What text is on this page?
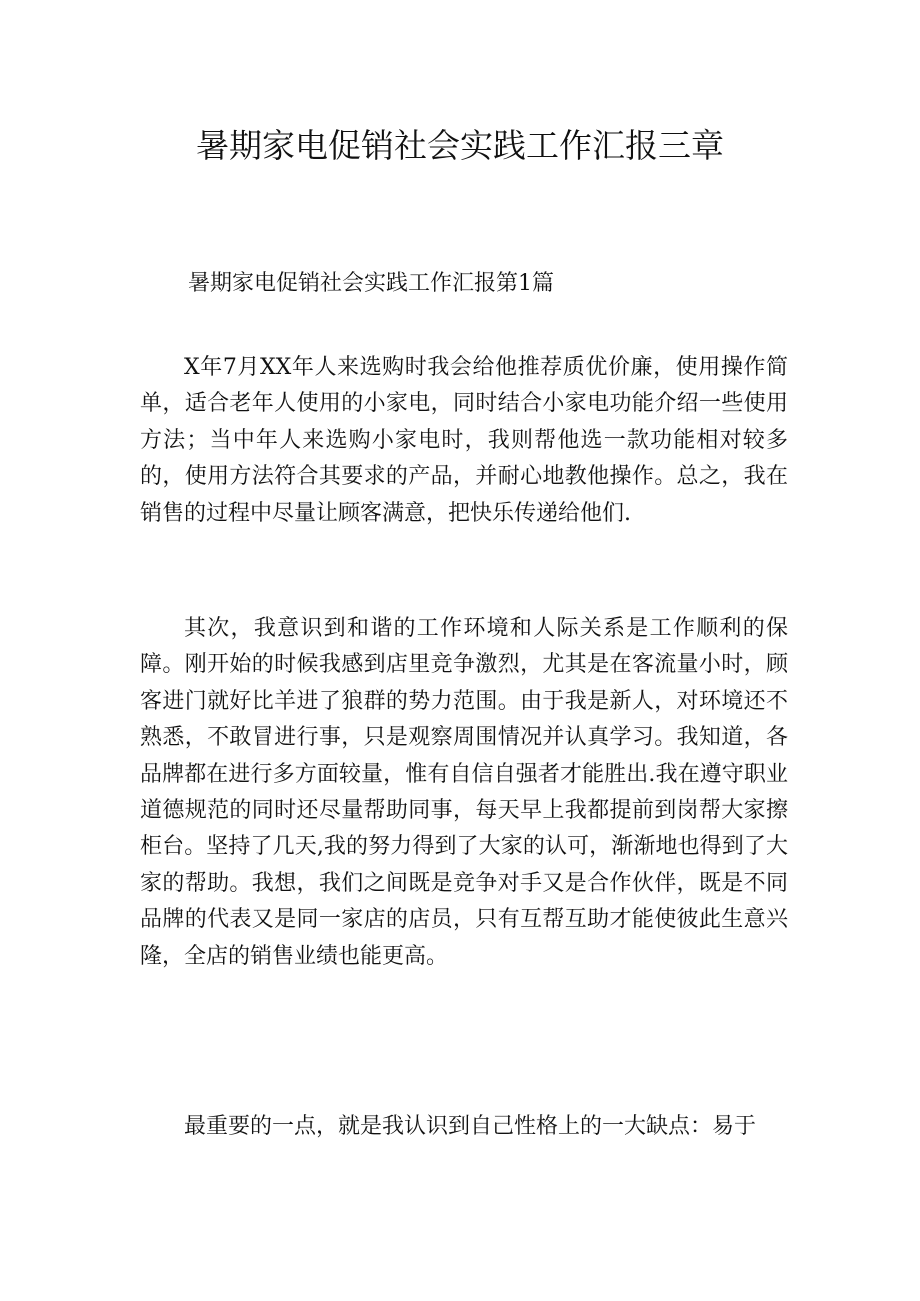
暑期家电促销社会实践工作汇报三章

暑期家电促销社会实践工作汇报第1篇

X年7月XX年人来选购时我会给他推荐质优价廉，使用操作简单，适合老年人使用的小家电，同时结合小家电功能介绍一些使用方法；当中年人来选购小家电时，我则帮他选一款功能相对较多的，使用方法符合其要求的产品，并耐心地教他操作。总之，我在销售的过程中尽量让顾客满意，把快乐传递给他们.

其次，我意识到和谐的工作环境和人际关系是工作顺利的保障。刚开始的时候我感到店里竞争激烈，尤其是在客流量小时，顾客进门就好比羊进了狼群的势力范围。由于我是新人，对环境还不熟悉，不敢冒进行事，只是观察周围情况并认真学习。我知道，各品牌都在进行多方面较量，惟有自信自强者才能胜出.我在遵守职业道德规范的同时还尽量帮助同事，每天早上我都提前到岗帮大家擦柜台。坚持了几天,我的努力得到了大家的认可，渐渐地也得到了大家的帮助。我想，我们之间既是竞争对手又是合作伙伴，既是不同品牌的代表又是同一家店的店员，只有互帮互助才能使彼此生意兴隆，全店的销售业绩也能更高。

最重要的一点，就是我认识到自己性格上的一大缺点：易于
